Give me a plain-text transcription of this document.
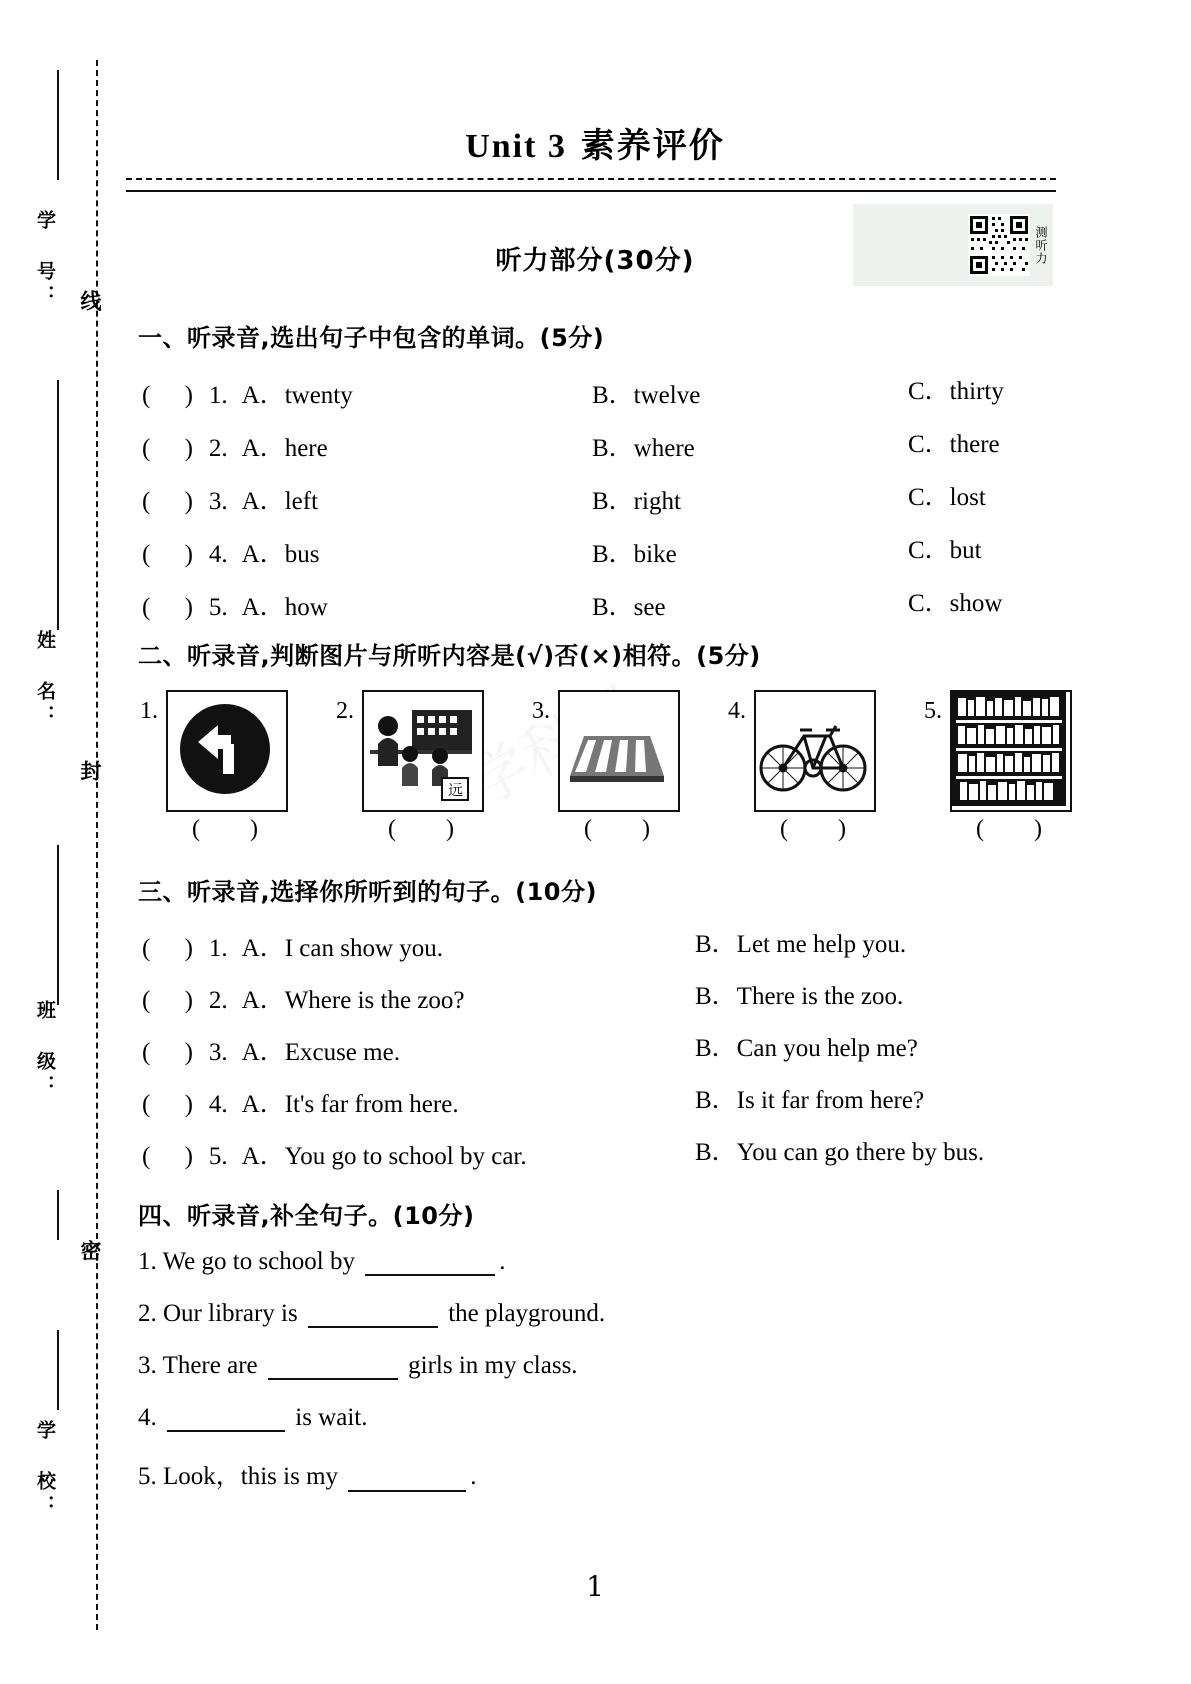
学 号： 线
姓 名：
封
班 级：
密
学 校：
Unit 3 素养评价
测听力
听力部分(30分)
一、听录音,选出句子中包含的单词。(5分)
( )1. A．twenty	B．twelve	C．thirty
( )2. A．here	B．where	C．there
( )3. A．left	B．right	C．lost
( )4. A．bus	B．bike	C．but
( )5. A．how	B．see	C．show
二、听录音,判断图片与所听内容是(√)否(×)相符。(5分)
1.
( )
2.
远
( )
3.
( )
4.
( )
5.
( )
三、听录音,选择你所听到的句子。(10分)
( )1. A．I can show you.	B．Let me help you.
( )2. A．Where is the zoo?	B．There is the zoo.
( )3. A．Excuse me.	B．Can you help me?
( )4. A．It's far from here.	B．Is it far from here?
( )5. A．You go to school by car.	B．You can go there by bus.
四、听录音,补全句子。(10分)
1. We go to school by	.
2. Our library is	the playground.
3. There are	girls in my class.
4.	is wait.
5. Look，this is my	.
1
